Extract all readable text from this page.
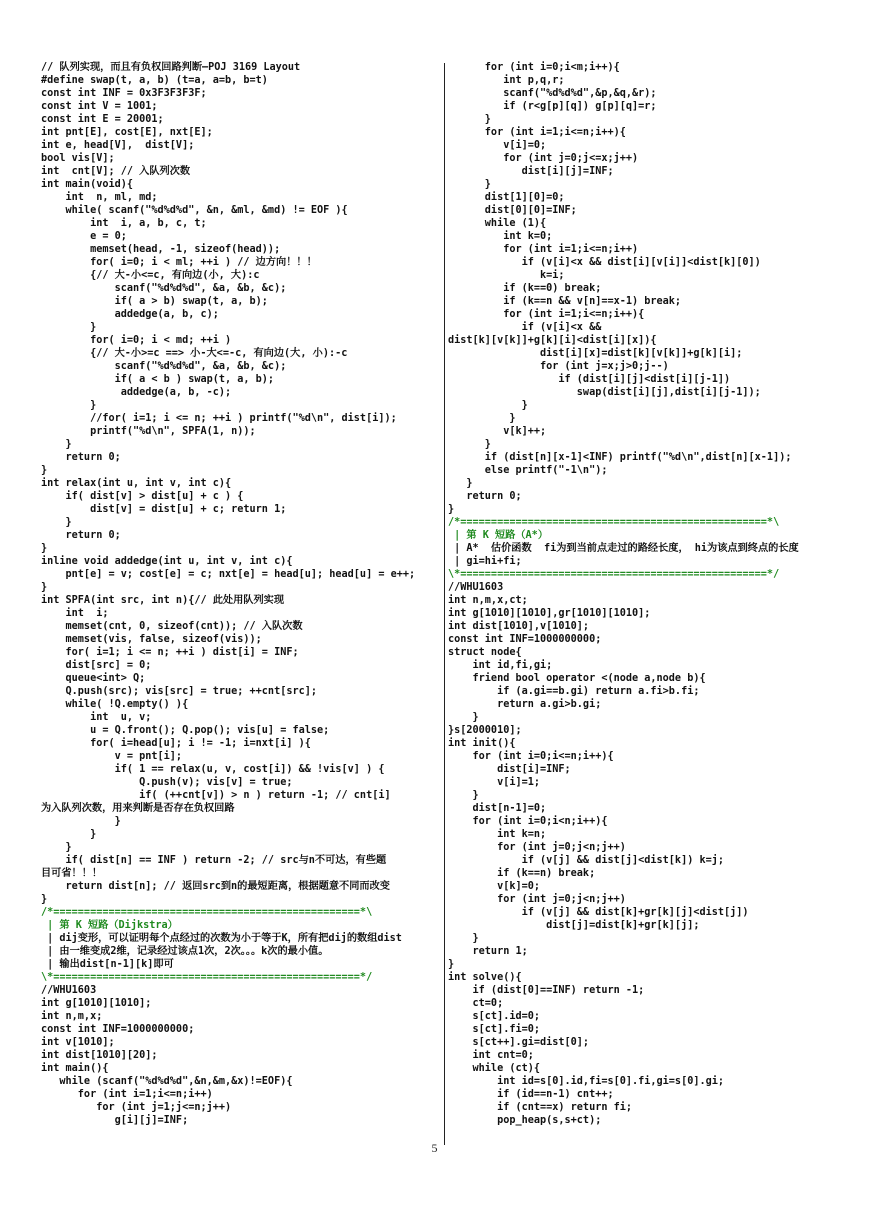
// 队列实现，而且有负权回路判断—POJ 3169 Layout
#define swap(t, a, b) (t=a, a=b, b=t)
const int INF = 0x3F3F3F3F;
const int V = 1001;
const int E = 20001;
int pnt[E], cost[E], nxt[E];
int e, head[V],  dist[V];
bool vis[V];
int  cnt[V]; // 入队列次数
int main(void){
int  n, ml, md;
while( scanf("%d%d%d", &n, &ml, &md) != EOF ){
int  i, a, b, c, t;
e = 0;
memset(head, -1, sizeof(head));
for( i=0; i < ml; ++i ) // 边方向！！！
{// 大-小<=c, 有向边(小, 大):c
scanf("%d%d%d", &a, &b, &c);
if( a > b) swap(t, a, b);
addedge(a, b, c);
}
for( i=0; i < md; ++i )
{// 大-小>=c ==> 小-大<=-c, 有向边(大, 小):-c
scanf("%d%d%d", &a, &b, &c);
if( a < b ) swap(t, a, b);
addedge(a, b, -c);
}
//for( i=1; i <= n; ++i ) printf("%d\n", dist[i]);
printf("%d\n", SPFA(1, n));
}
return 0;
}
int relax(int u, int v, int c){
if( dist[v] > dist[u] + c ) {
dist[v] = dist[u] + c; return 1;
}
return 0;
}
inline void addedge(int u, int v, int c){
pnt[e] = v; cost[e] = c; nxt[e] = head[u]; head[u] = e++;
}
int SPFA(int src, int n){// 此处用队列实现
int  i;
memset(cnt, 0, sizeof(cnt)); // 入队次数
memset(vis, false, sizeof(vis));
for( i=1; i <= n; ++i ) dist[i] = INF;
dist[src] = 0;
queue<int> Q;
Q.push(src); vis[src] = true; ++cnt[src];
while( !Q.empty() ){
int  u, v;
u = Q.front(); Q.pop(); vis[u] = false;
for( i=head[u]; i != -1; i=nxt[i] ){
v = pnt[i];
if( 1 == relax(u, v, cost[i]) && !vis[v] ) {
Q.push(v); vis[v] = true;
if( (++cnt[v]) > n ) return -1; // cnt[i]
为入队列次数，用来判断是否存在负权回路
}
}
}
if( dist[n] == INF ) return -2; // src与n不可达，有些题
目可省！！！
return dist[n]; // 返回src到n的最短距离，根据题意不同而改变
}
/*==================================================*\
| 第 K 短路（Dijkstra）
| dij变形，可以证明每个点经过的次数为小于等于K，所有把dij的数组dist
| 由一维变成2维，记录经过该点1次，2次。。。k次的最小值。
| 输出dist[n-1][k]即可
\*==================================================*/
//WHU1603
int g[1010][1010];
int n,m,x;
const int INF=1000000000;
int v[1010];
int dist[1010][20];
int main(){
while (scanf("%d%d%d",&n,&m,&x)!=EOF){
for (int i=1;i<=n;i++)
for (int j=1;j<=n;j++)
g[i][j]=INF;
for (int i=0;i<m;i++){
int p,q,r;
scanf("%d%d%d",&p,&q,&r);
if (r<g[p][q]) g[p][q]=r;
}
for (int i=1;i<=n;i++){
v[i]=0;
for (int j=0;j<=x;j++)
dist[i][j]=INF;
}
dist[1][0]=0;
dist[0][0]=INF;
while (1){
int k=0;
for (int i=1;i<=n;i++)
if (v[i]<x && dist[i][v[i]]<dist[k][0])
k=i;
if (k==0) break;
if (k==n && v[n]==x-1) break;
for (int i=1;i<=n;i++){
if (v[i]<x &&
dist[k][v[k]]+g[k][i]<dist[i][x]){
dist[i][x]=dist[k][v[k]]+g[k][i];
for (int j=x;j>0;j--)
if (dist[i][j]<dist[i][j-1])
swap(dist[i][j],dist[i][j-1]);
}
}
v[k]++;
}
if (dist[n][x-1]<INF) printf("%d\n",dist[n][x-1]);
else printf("-1\n");
}
return 0;
}
/*==================================================*\
| 第 K 短路（A*）
| A*  估价函数  fi为到当前点走过的路经长度， hi为该点到终点的长度
| gi=hi+fi;
\*==================================================*/
//WHU1603
int n,m,x,ct;
int g[1010][1010],gr[1010][1010];
int dist[1010],v[1010];
const int INF=1000000000;
struct node{
int id,fi,gi;
friend bool operator <(node a,node b){
if (a.gi==b.gi) return a.fi>b.fi;
return a.gi>b.gi;
}
}s[2000010];
int init(){
for (int i=0;i<=n;i++){
dist[i]=INF;
v[i]=1;
}
dist[n-1]=0;
for (int i=0;i<n;i++){
int k=n;
for (int j=0;j<n;j++)
if (v[j] && dist[j]<dist[k]) k=j;
if (k==n) break;
v[k]=0;
for (int j=0;j<n;j++)
if (v[j] && dist[k]+gr[k][j]<dist[j])
dist[j]=dist[k]+gr[k][j];
}
return 1;
}
int solve(){
if (dist[0]==INF) return -1;
ct=0;
s[ct].id=0;
s[ct].fi=0;
s[ct++].gi=dist[0];
int cnt=0;
while (ct){
int id=s[0].id,fi=s[0].fi,gi=s[0].gi;
if (id==n-1) cnt++;
if (cnt==x) return fi;
pop_heap(s,s+ct);
5
